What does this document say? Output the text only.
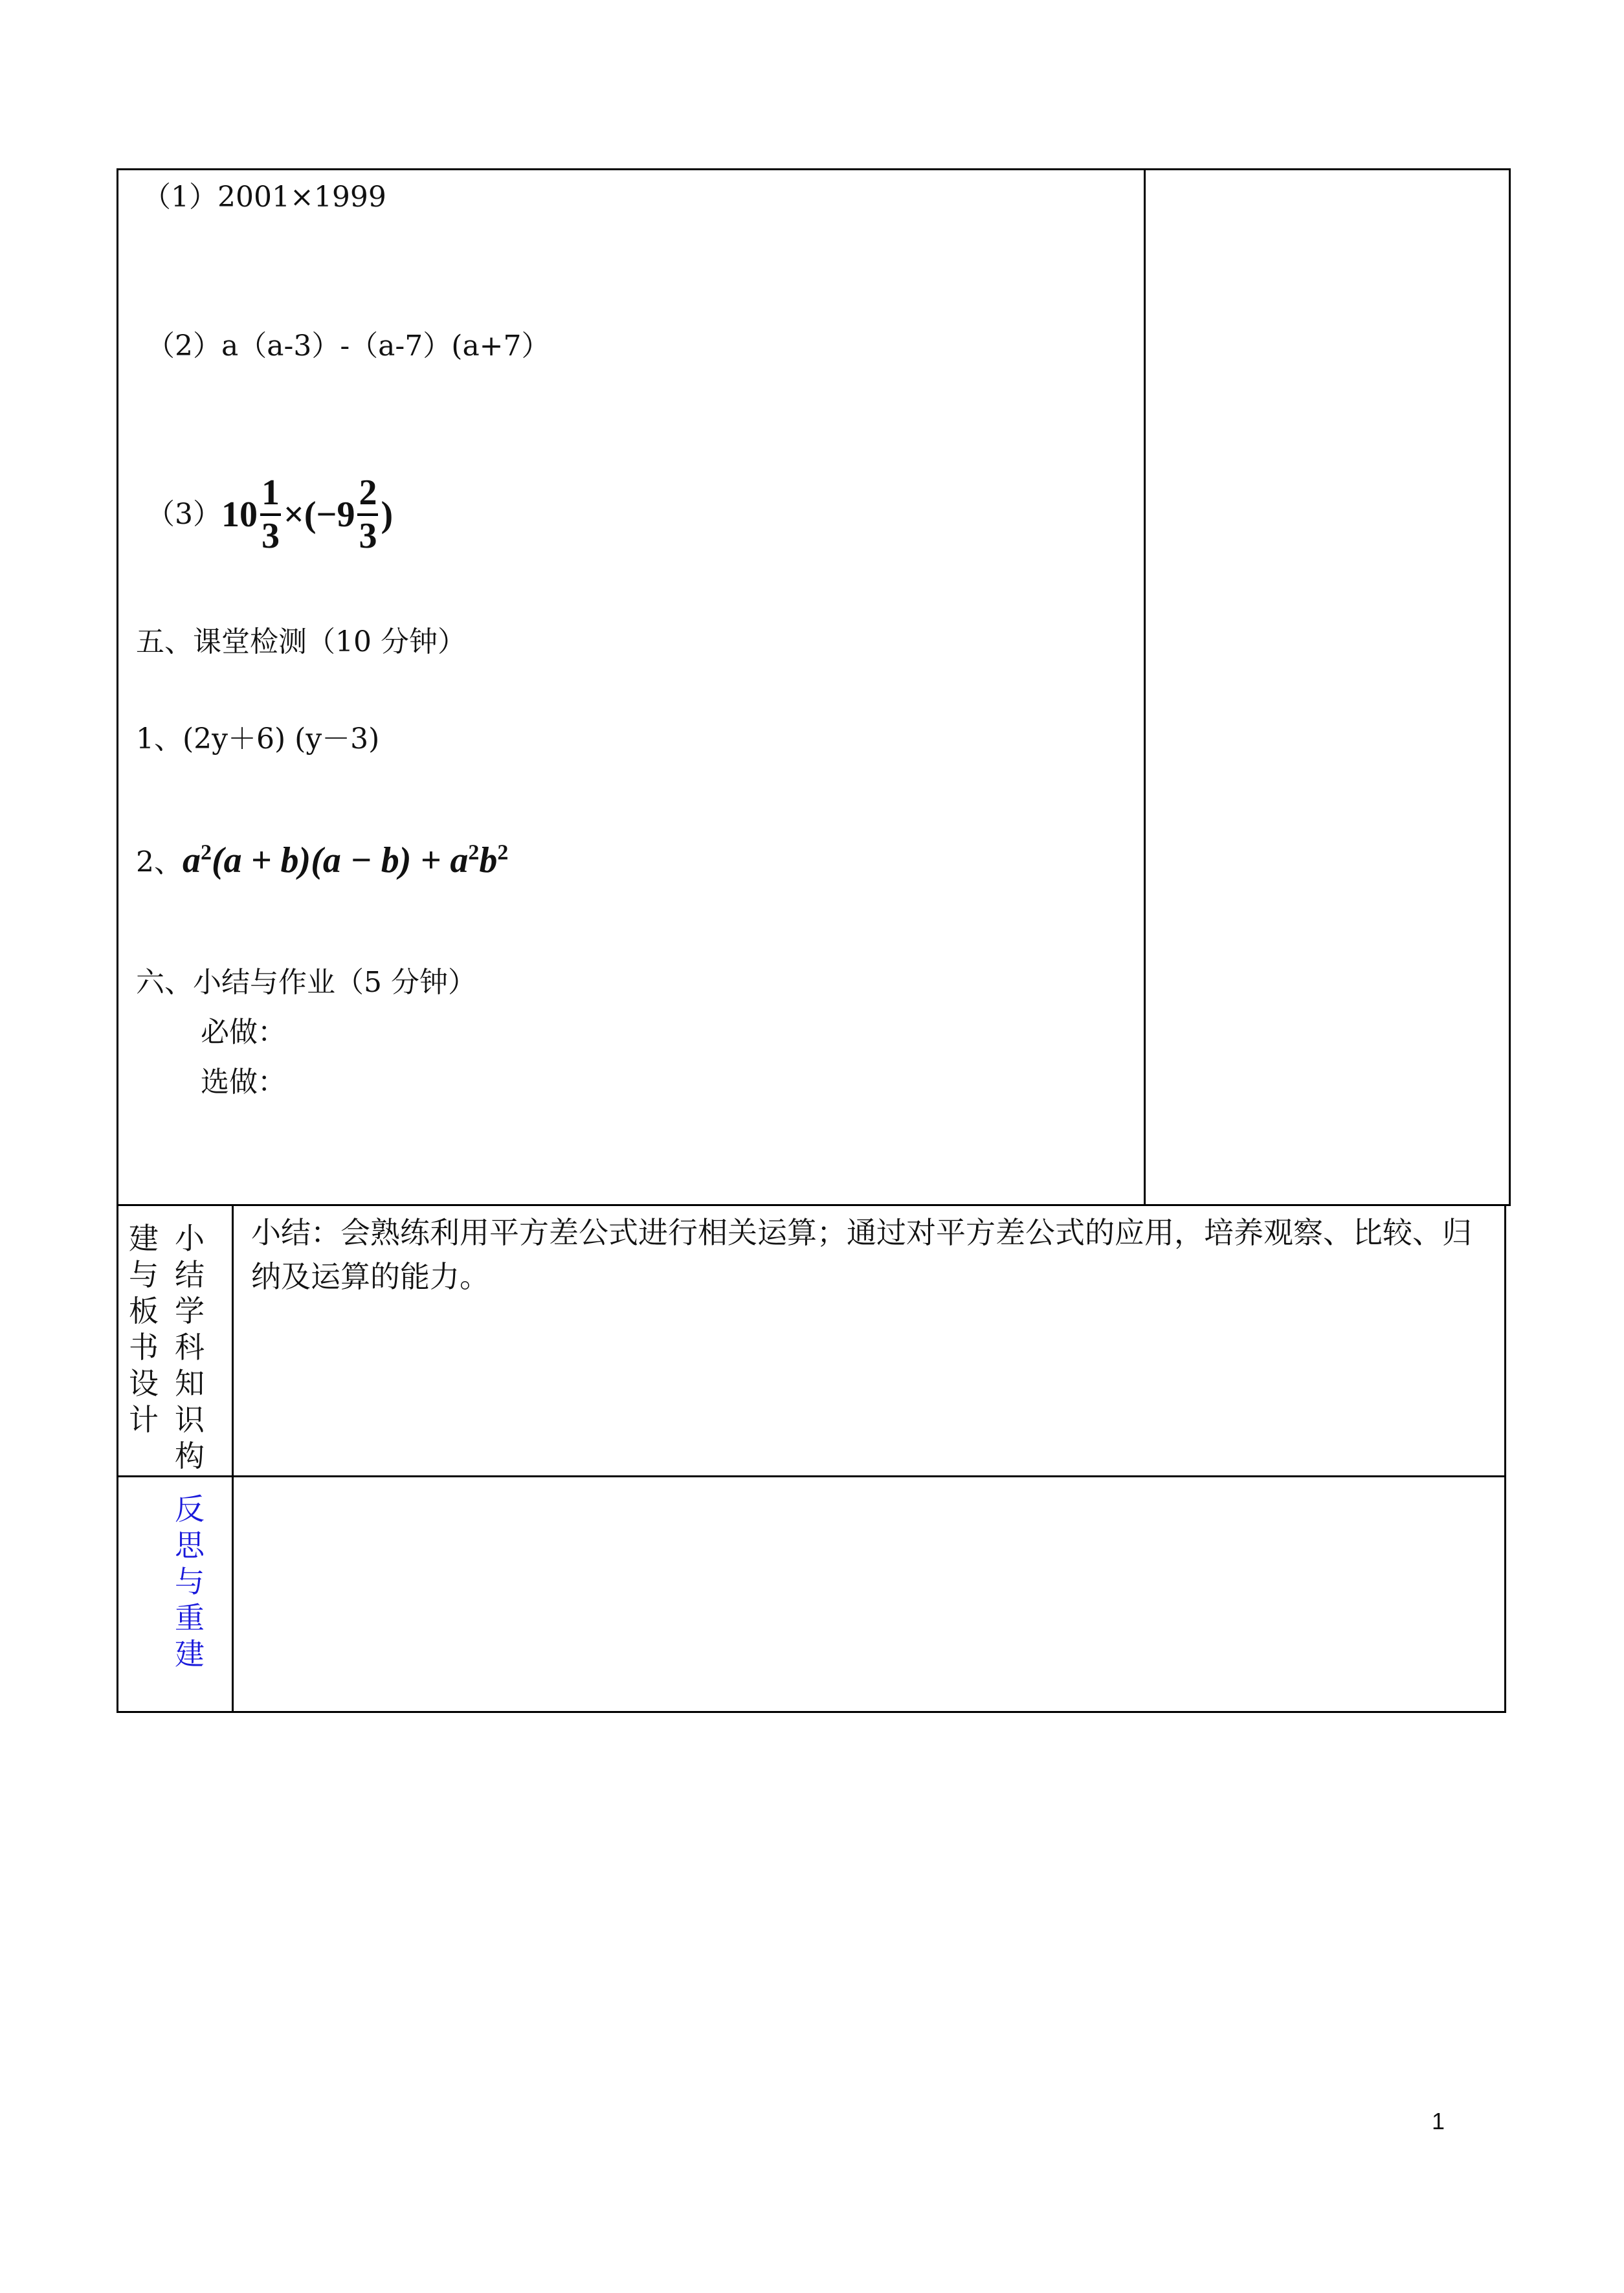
（1）2001×1999
（2）a（a-3）-（a-7）(a+7）
$(3)10 \frac{1}{3} \times(-9 \frac{2}{3}$ )
五、课堂检测（10 分钟）
1、(2y＋6) (y－3)
2、$a^2(a + b)(a - b) + a^2b^2$
六、小结与作业（5 分钟）
必做：
选做：
建与板书设计
小结学科知识构
小结：会熟练利用平方差公式进行相关运算；通过对平方差公式的应用，培养观察、比较、归纳及运算的能力。
反思与重建
1
